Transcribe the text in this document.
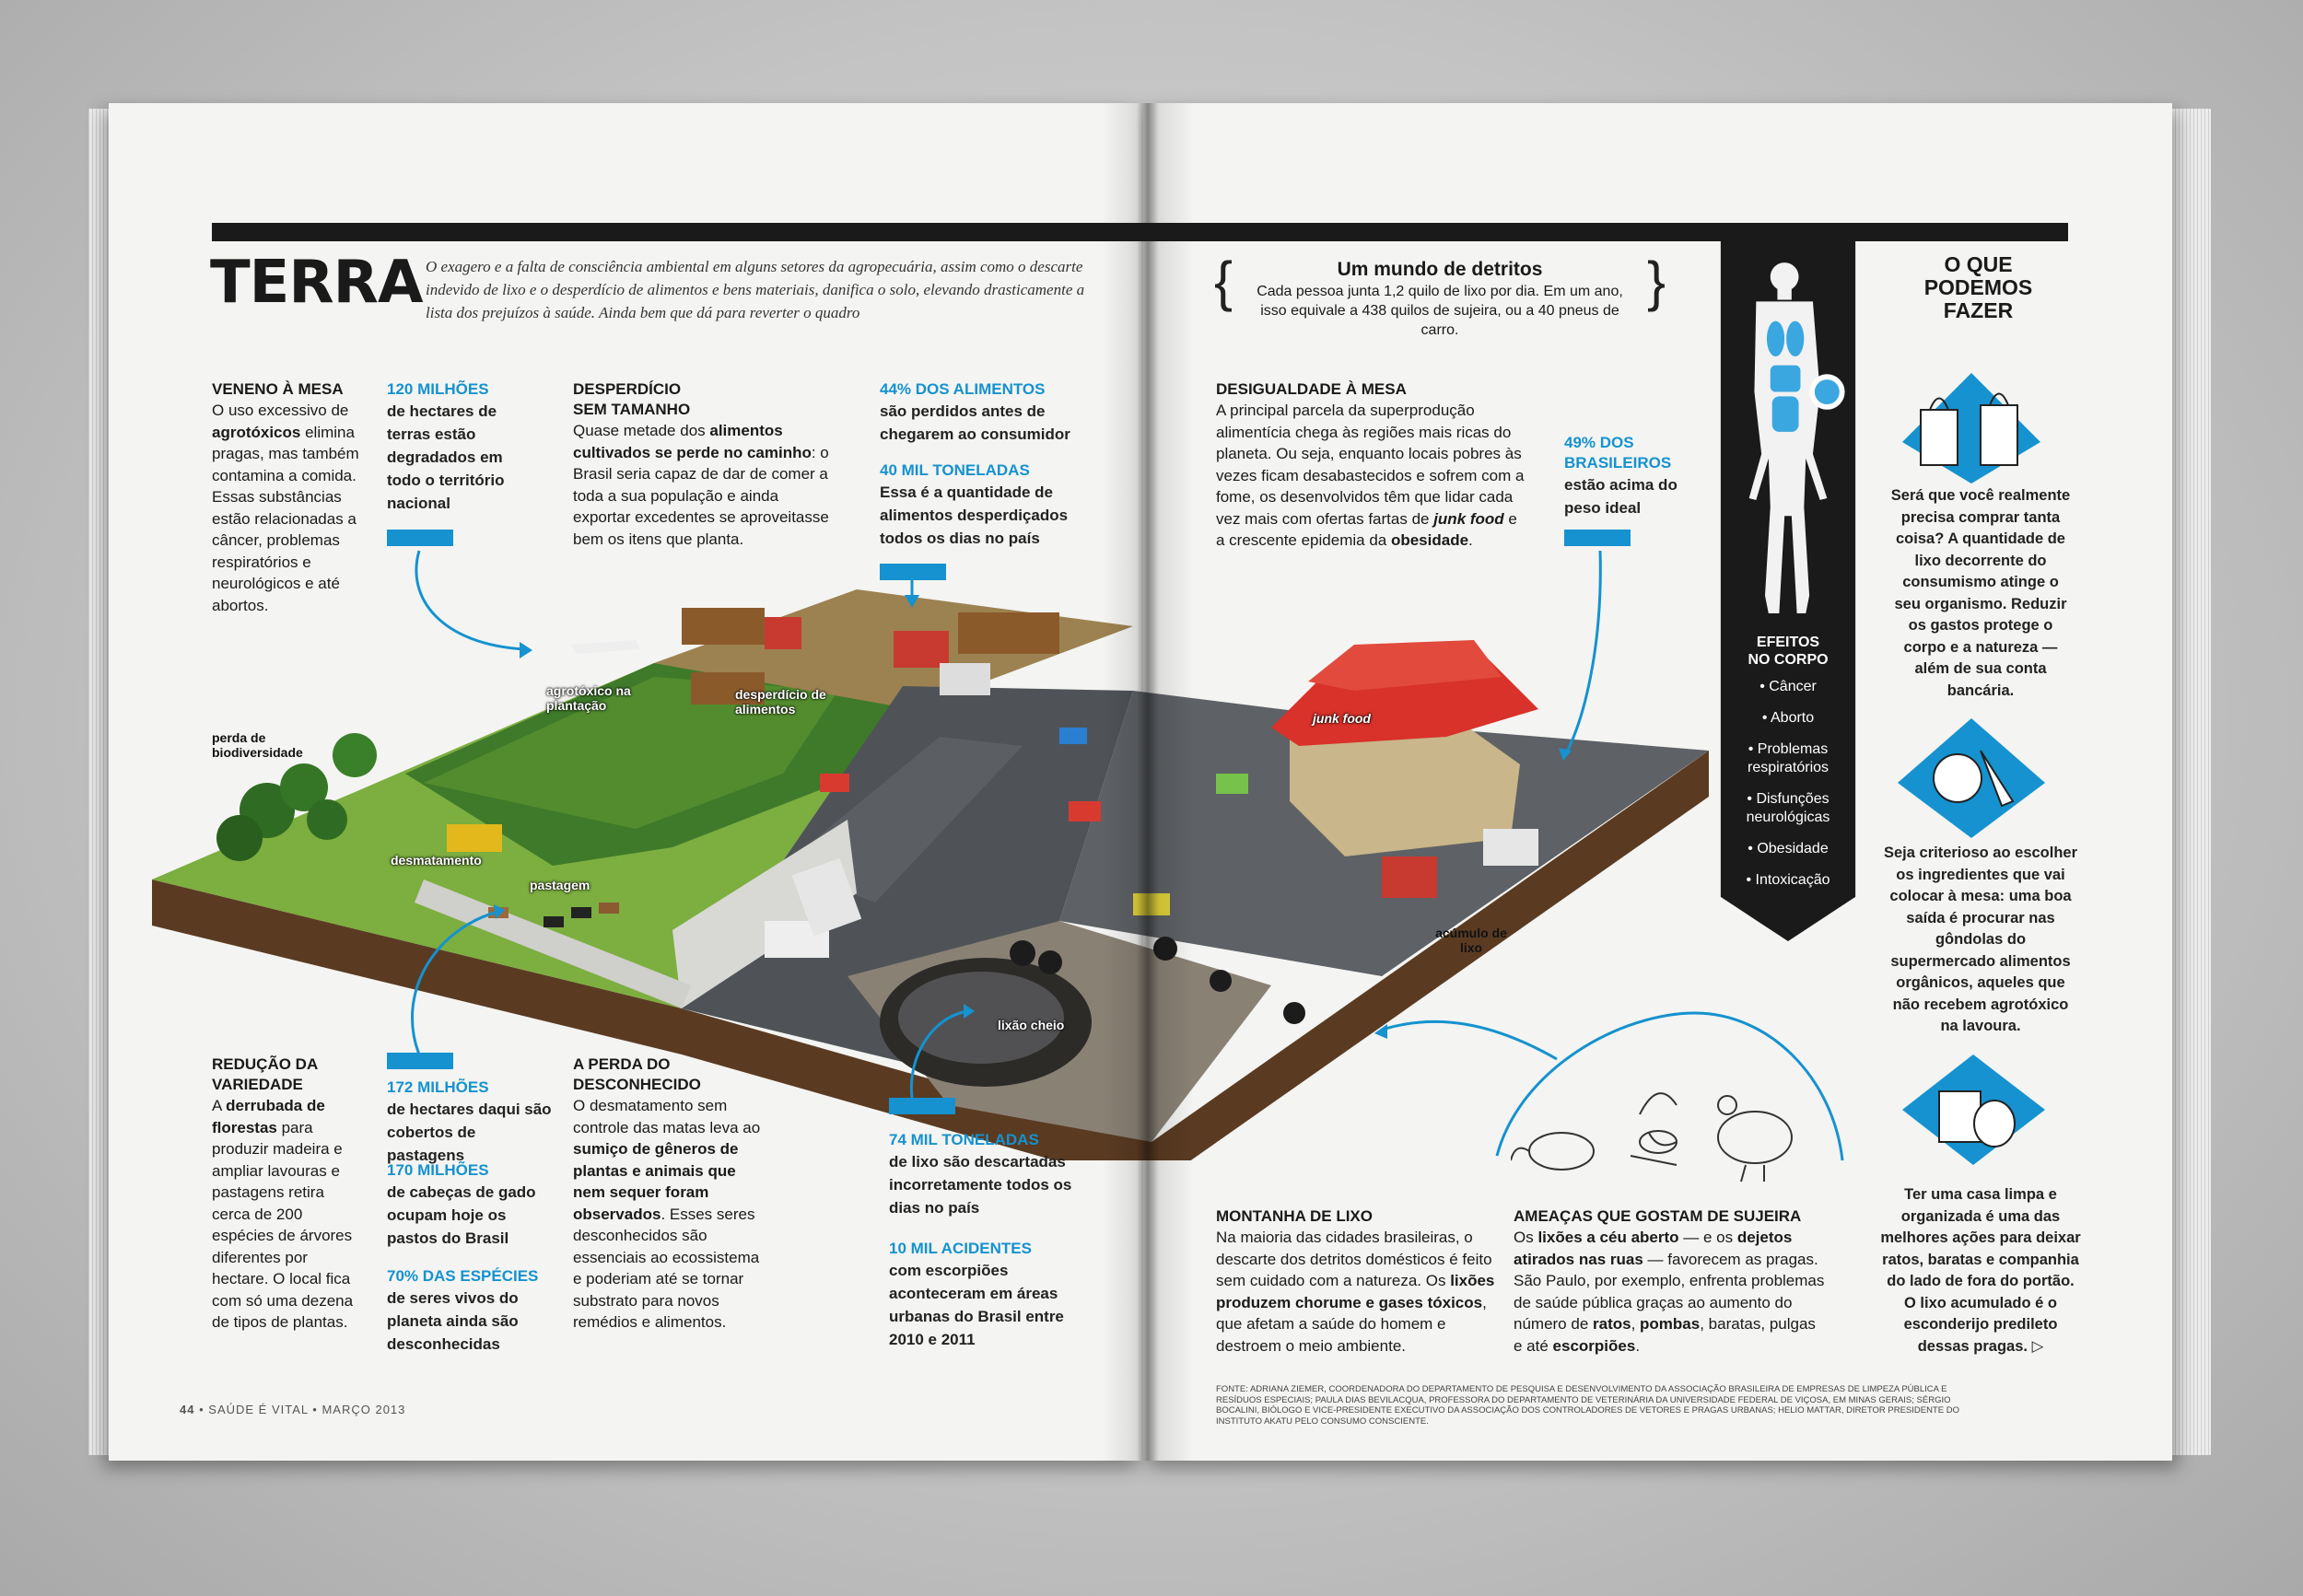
perda de biodiversidade
agrotóxico na plantação
desperdício de alimentos
desmatamento
pastagem
junk food
acúmulo de lixo
lixão cheio
TERRA O exagero e a falta de consciência ambiental em alguns setores da agropecuária, assim como o descarte indevido de lixo e o desperdício de alimentos e bens materiais, danifica o solo, elevando drasticamente a lista dos prejuízos à saúde. Ainda bem que dá para reverter o quadro
VENENO À MESA
O uso excessivo de agrotóxicos elimina pragas, mas também contamina a comida. Essas substâncias estão relacionadas a câncer, problemas respiratórios e neurológicos e até abortos.
120 MILHÕES
de hectares de terras estão degradados em todo o território nacional
DESPERDÍCIO
SEM TAMANHO
Quase metade dos alimentos cultivados se perde no caminho: o Brasil seria capaz de dar de comer a toda a sua população e ainda exportar excedentes se aproveitasse bem os itens que planta.
44% DOS ALIMENTOS
são perdidos antes de chegarem ao consumidor
40 MIL TONELADAS
Essa é a quantidade de alimentos desperdiçados todos os dias no país
{	}
Um mundo de detritos
Cada pessoa junta 1,2 quilo de lixo por dia. Em um ano, isso equivale a 438 quilos de sujeira, ou a 40 pneus de carro.
DESIGUALDADE À MESA
A principal parcela da superprodução alimentícia chega às regiões mais ricas do planeta. Ou seja, enquanto locais pobres às vezes ficam desabastecidos e sofrem com a fome, os desenvolvidos têm que lidar cada vez mais com ofertas fartas de junk food e a crescente epidemia da obesidade.
49% DOS
BRASILEIROS
estão acima do peso ideal
EFEITOS
NO CORPO
• Câncer
• Aborto
• Problemas respiratórios
• Disfunções neurológicas
• Obesidade
• Intoxicação
O QUE
PODEMOS
FAZER
Será que você realmente precisa comprar tanta coisa? A quantidade de lixo decorrente do consumismo atinge o seu organismo. Reduzir os gastos protege o corpo e a natureza — além de sua conta bancária.
Seja criterioso ao escolher os ingredientes que vai colocar à mesa: uma boa saída é procurar nas gôndolas do supermercado alimentos orgânicos, aqueles que não recebem agrotóxico na lavoura.
Ter uma casa limpa e organizada é uma das melhores ações para deixar ratos, baratas e companhia do lado de fora do portão. O lixo acumulado é o esconderijo predileto dessas pragas. ▷
REDUÇÃO DA
VARIEDADE
A derrubada de florestas para produzir madeira e ampliar lavouras e pastagens retira cerca de 200 espécies de árvores diferentes por hectare. O local fica com só uma dezena de tipos de plantas.
172 MILHÕES
de hectares daqui são cobertos de pastagens
170 MILHÕES
de cabeças de gado ocupam hoje os pastos do Brasil
70% DAS ESPÉCIES
de seres vivos do planeta ainda são desconhecidas
A PERDA DO
DESCONHECIDO
O desmatamento sem controle das matas leva ao sumiço de gêneros de plantas e animais que nem sequer foram observados. Esses seres desconhecidos são essenciais ao ecossistema e poderiam até se tornar substrato para novos remédios e alimentos.
74 MIL TONELADAS
de lixo são descartadas incorretamente todos os dias no país
10 MIL ACIDENTES
com escorpiões aconteceram em áreas urbanas do Brasil entre 2010 e 2011
MONTANHA DE LIXO
Na maioria das cidades brasileiras, o descarte dos detritos domésticos é feito sem cuidado com a natureza. Os lixões produzem chorume e gases tóxicos, que afetam a saúde do homem e destroem o meio ambiente.
AMEAÇAS QUE GOSTAM DE SUJEIRA
Os lixões a céu aberto — e os dejetos atirados nas ruas — favorecem as pragas. São Paulo, por exemplo, enfrenta problemas de saúde pública graças ao aumento do número de ratos, pombas, baratas, pulgas e até escorpiões.
44 • SAÚDE É VITAL • MARÇO 2013
FONTE: ADRIANA ZIEMER, COORDENADORA DO DEPARTAMENTO DE PESQUISA E DESENVOLVIMENTO DA ASSOCIAÇÃO BRASILEIRA DE EMPRESAS DE LIMPEZA PÚBLICA E RESÍDUOS ESPECIAIS; PAULA DIAS BEVILACQUA, PROFESSORA DO DEPARTAMENTO DE VETERINÁRIA DA UNIVERSIDADE FEDERAL DE VIÇOSA, EM MINAS GERAIS; SÉRGIO BOCALINI, BIÓLOGO E VICE-PRESIDENTE EXECUTIVO DA ASSOCIAÇÃO DOS CONTROLADORES DE VETORES E PRAGAS URBANAS; HELIO MATTAR, DIRETOR PRESIDENTE DO INSTITUTO AKATU PELO CONSUMO CONSCIENTE.
